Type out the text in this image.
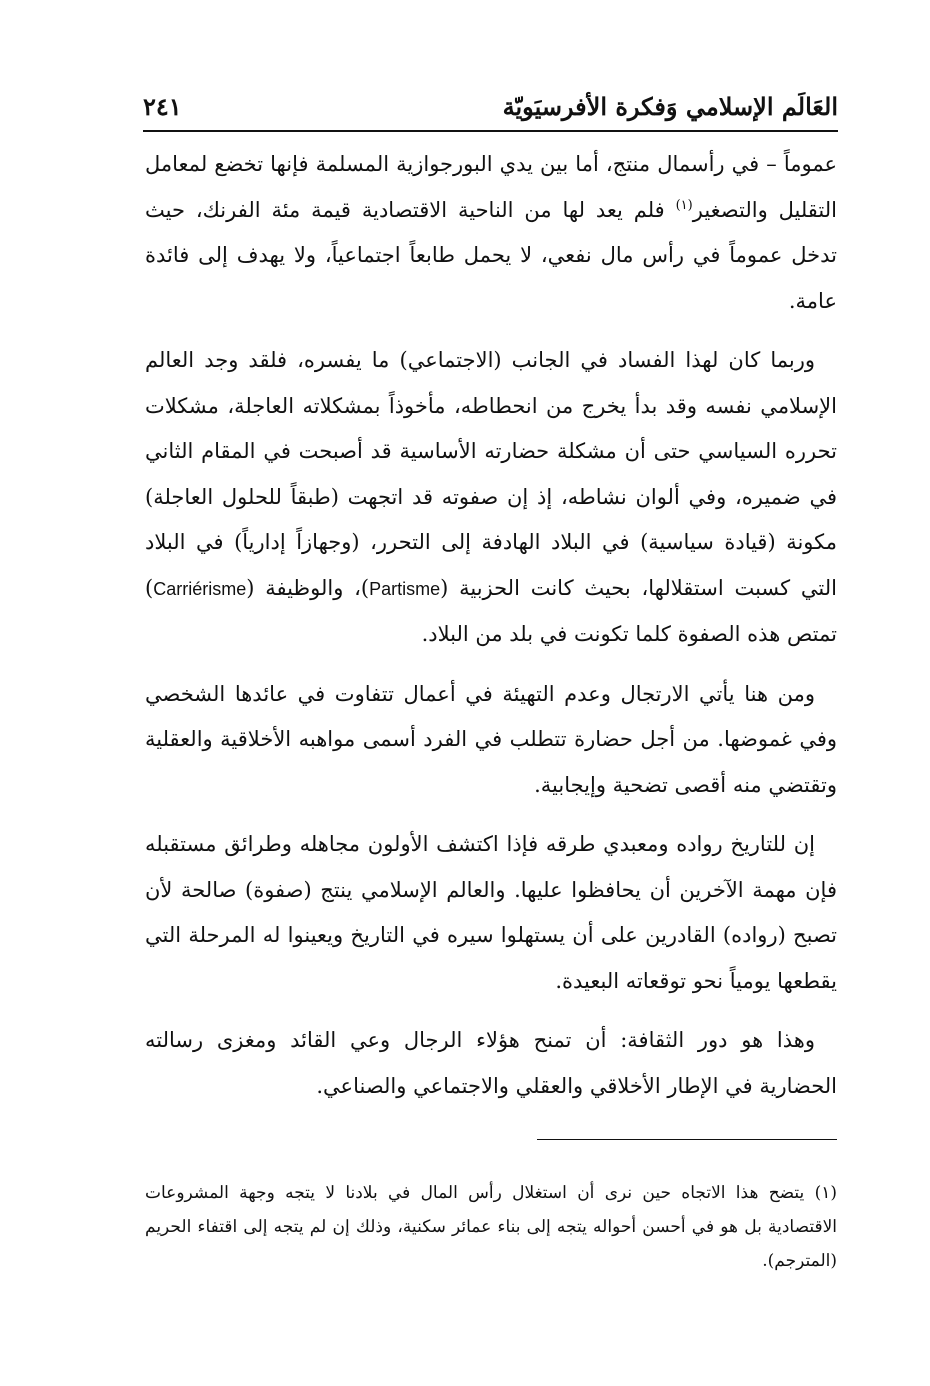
العَالَم الإسلامي وَفكرة الأفرسيَويّة
٢٤١

عموماً – في رأسمال منتج، أما بين يدي البورجوازية المسلمة فإنها تخضع لمعامل التقليل والتصغير$^{(١)}$ فلم يعد لها من الناحية الاقتصادية قيمة مئة الفرنك، حيث تدخل عموماً في رأس مال نفعي، لا يحمل طابعاً اجتماعياً، ولا يهدف إلى فائدة عامة.

وربما كان لهذا الفساد في الجانب (الاجتماعي) ما يفسره، فلقد وجد العالم الإسلامي نفسه وقد بدأ يخرج من انحطاطه، مأخوذاً بمشكلاته العاجلة، مشكلات تحرره السياسي حتى أن مشكلة حضارته الأساسية قد أصبحت في المقام الثاني في ضميره، وفي ألوان نشاطه، إذ إن صفوته قد اتجهت (طبقاً للحلول العاجلة) مكونة (قيادة سياسية) في البلاد الهادفة إلى التحرر، (وجهازاً إدارياً) في البلاد التي كسبت استقلالها، بحيث كانت الحزبية (Partisme)، والوظيفة (Carriérisme) تمتص هذه الصفوة كلما تكونت في بلد من البلاد.

ومن هنا يأتي الارتجال وعدم التهيئة في أعمال تتفاوت في عائدها الشخصي وفي غموضها. من أجل حضارة تتطلب في الفرد أسمى مواهبه الأخلاقية والعقلية وتقتضي منه أقصى تضحية وإيجابية.

إن للتاريخ رواده ومعبدي طرقه فإذا اكتشف الأولون مجاهله وطرائق مستقبله فإن مهمة الآخرين أن يحافظوا عليها. والعالم الإسلامي ينتج (صفوة) صالحة لأن تصبح (رواده) القادرين على أن يستهلوا سيره في التاريخ ويعينوا له المرحلة التي يقطعها يومياً نحو توقعاته البعيدة.

وهذا هو دور الثقافة: أن تمنح هؤلاء الرجال وعي القائد ومغزى رسالته الحضارية في الإطار الأخلاقي والعقلي والاجتماعي والصناعي.

(١) يتضح هذا الاتجاه حين نرى أن استغلال رأس المال في بلادنا لا يتجه وجهة المشروعات الاقتصادية بل هو في أحسن أحواله يتجه إلى بناء عمائر سكنية، وذلك إن لم يتجه إلى اقتفاء الحريم (المترجم).
